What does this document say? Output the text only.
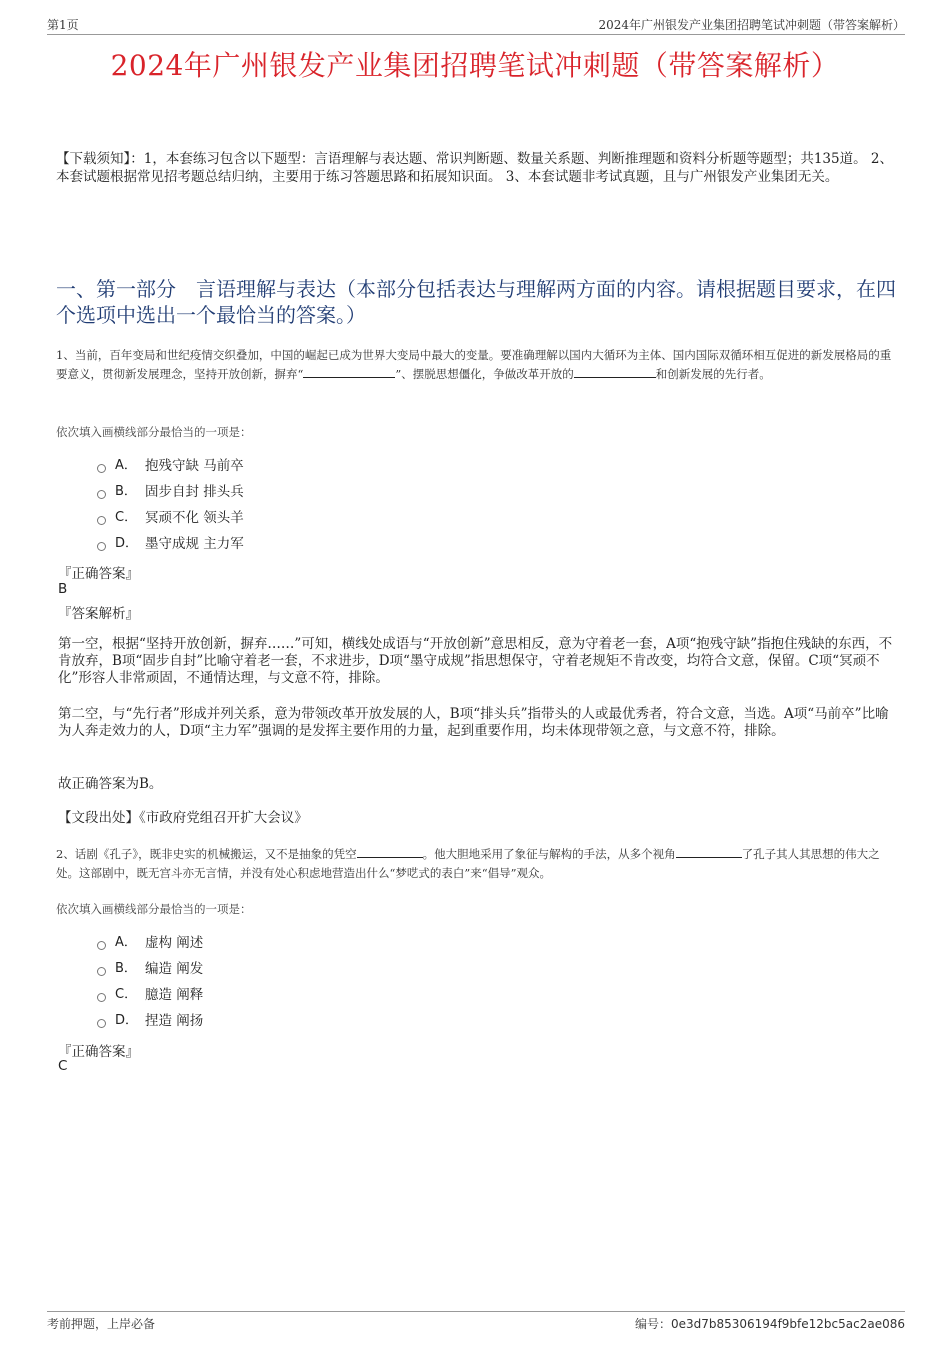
第1页	2024年广州银发产业集团招聘笔试冲刺题（带答案解析）
2024年广州银发产业集团招聘笔试冲刺题（带答案解析）
【下载须知】：1，本套练习包含以下题型：言语理解与表达题、常识判断题、数量关系题、判断推理题和资料分析题等题型；共135道。 2、本套试题根据常见招考题总结归纳，主要用于练习答题思路和拓展知识面。 3、本套试题非考试真题，且与广州银发产业集团无关。
一、第一部分　言语理解与表达（本部分包括表达与理解两方面的内容。请根据题目要求，在四个选项中选出一个最恰当的答案。）
1、当前，百年变局和世纪疫情交织叠加，中国的崛起已成为世界大变局中最大的变量。要准确理解以国内大循环为主体、国内国际双循环相互促进的新发展格局的重要意义，贯彻新发展理念，坚持开放创新，摒弃“	”、摆脱思想僵化，争做改革开放的	和创新发展的先行者。
依次填入画横线部分最恰当的一项是：
A． 抱残守缺 马前卒
B． 固步自封 排头兵
C． 冥顽不化 领头羊
D． 墨守成规 主力军
『正确答案』
B
『答案解析』
第一空，根据“坚持开放创新，摒弃……”可知，横线处成语与“开放创新”意思相反，意为守着老一套，A项“抱残守缺”指抱住残缺的东西，不肯放弃，B项“固步自封”比喻守着老一套，不求进步，D项“墨守成规”指思想保守，守着老规矩不肯改变，均符合文意，保留。C项“冥顽不化”形容人非常顽固，不通情达理，与文意不符，排除。
第二空，与“先行者”形成并列关系，意为带领改革开放发展的人，B项“排头兵”指带头的人或最优秀者，符合文意，当选。A项“马前卒”比喻为人奔走效力的人，D项“主力军”强调的是发挥主要作用的力量，起到重要作用，均未体现带领之意，与文意不符，排除。
故正确答案为B。
【文段出处】《市政府党组召开扩大会议》
2、话剧《孔子》，既非史实的机械搬运，又不是抽象的凭空	。他大胆地采用了象征与解构的手法，从多个视角	了孔子其人其思想的伟大之处。这部剧中，既无宫斗亦无言情，并没有处心积虑地营造出什么“梦呓式的表白”来“倡导”观众。
依次填入画横线部分最恰当的一项是：
A． 虚构 阐述
B． 编造 阐发
C． 臆造 阐释
D． 捏造 阐扬
『正确答案』
C
考前押题，上岸必备	编号：0e3d7b85306194f9bfe12bc5ac2ae086
